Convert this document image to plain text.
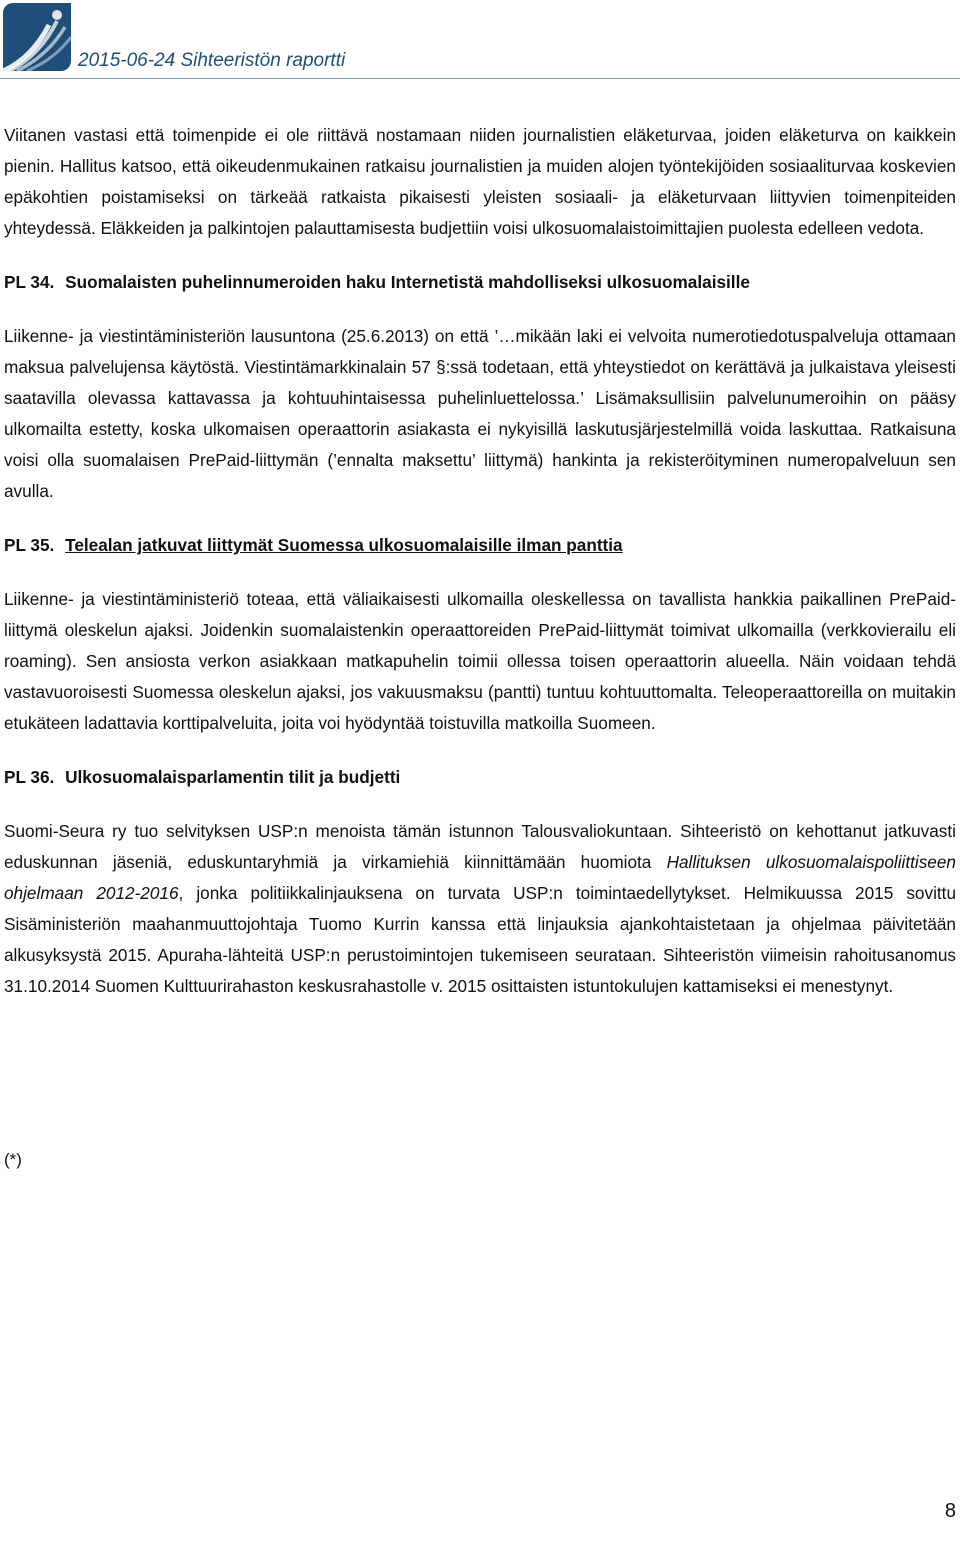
2015-06-24 Sihteeristön raportti

Viitanen vastasi että toimenpide ei ole riittävä nostamaan niiden journalistien eläketurvaa, joiden eläketurva on kaikkein pienin. Hallitus katsoo, että oikeudenmukainen ratkaisu journalistien ja muiden alojen työntekijöiden sosiaaliturvaa koskevien epäkohtien poistamiseksi on tärkeää ratkaista pikaisesti yleisten sosiaali- ja eläketurvaan liittyvien toimenpiteiden yhteydessä. Eläkkeiden ja palkintojen palauttamisesta budjettiin voisi ulkosuomalaistoimittajien puolesta edelleen vedota.

PL 34. Suomalaisten puhelinnumeroiden haku Internetistä mahdolliseksi ulkosuomalaisille

Liikenne- ja viestintäministeriön lausuntona (25.6.2013) on että ’…mikään laki ei velvoita numerotiedotuspalveluja ottamaan maksua palvelujensa käytöstä. Viestintämarkkinalain 57 §:ssä todetaan, että yhteystiedot on kerättävä ja julkaistava yleisesti saatavilla olevassa kattavassa ja kohtuuhintaisessa puhelinluettelossa.’ Lisämaksullisiin palvelunumeroihin on pääsy ulkomailta estetty, koska ulkomaisen operaattorin asiakasta ei nykyisillä laskutusjärjestelmillä voida laskuttaa. Ratkaisuna voisi olla suomalaisen PrePaid-liittymän (’ennalta maksettu’ liittymä) hankinta ja rekisteröityminen numeropalveluun sen avulla.

PL 35. Telealan jatkuvat liittymät Suomessa ulkosuomalaisille ilman panttia

Liikenne- ja viestintäministeriö toteaa, että väliaikaisesti ulkomailla oleskellessa on tavallista hankkia paikallinen PrePaid-liittymä oleskelun ajaksi. Joidenkin suomalaistenkin operaattoreiden PrePaid-liittymät toimivat ulkomailla (verkkovierailu eli roaming). Sen ansiosta verkon asiakkaan matkapuhelin toimii ollessa toisen operaattorin alueella. Näin voidaan tehdä vastavuoroisesti Suomessa oleskelun ajaksi, jos vakuusmaksu (pantti) tuntuu kohtuuttomalta. Teleoperaattoreilla on muitakin etukäteen ladattavia korttipalveluita, joita voi hyödyntää toistuvilla matkoilla Suomeen.

PL 36. Ulkosuomalaisparlamentin tilit ja budjetti

Suomi-Seura ry tuo selvityksen USP:n menoista tämän istunnon Talousvaliokuntaan. Sihteeristö on kehottanut jatkuvasti eduskunnan jäseniä, eduskuntaryhmiä ja virkamiehiä kiinnittämään huomiota Hallituksen ulkosuomalaispoliittiseen ohjelmaan 2012-2016, jonka politiikkalinjauksena on turvata USP:n toimintaedellytykset. Helmikuussa 2015 sovittu Sisäministeriön maahanmuuttojohtaja Tuomo Kurrin kanssa että linjauksia ajankohtaistetaan ja ohjelmaa päivitetään alkusyksystä 2015. Apuraha-lähteitä USP:n perustoimintojen tukemiseen seurataan. Sihteeristön viimeisin rahoitusanomus 31.10.2014 Suomen Kulttuurirahaston keskusrahastolle v. 2015 osittaisten istuntokulujen kattamiseksi ei menestynyt.

(*)
8
